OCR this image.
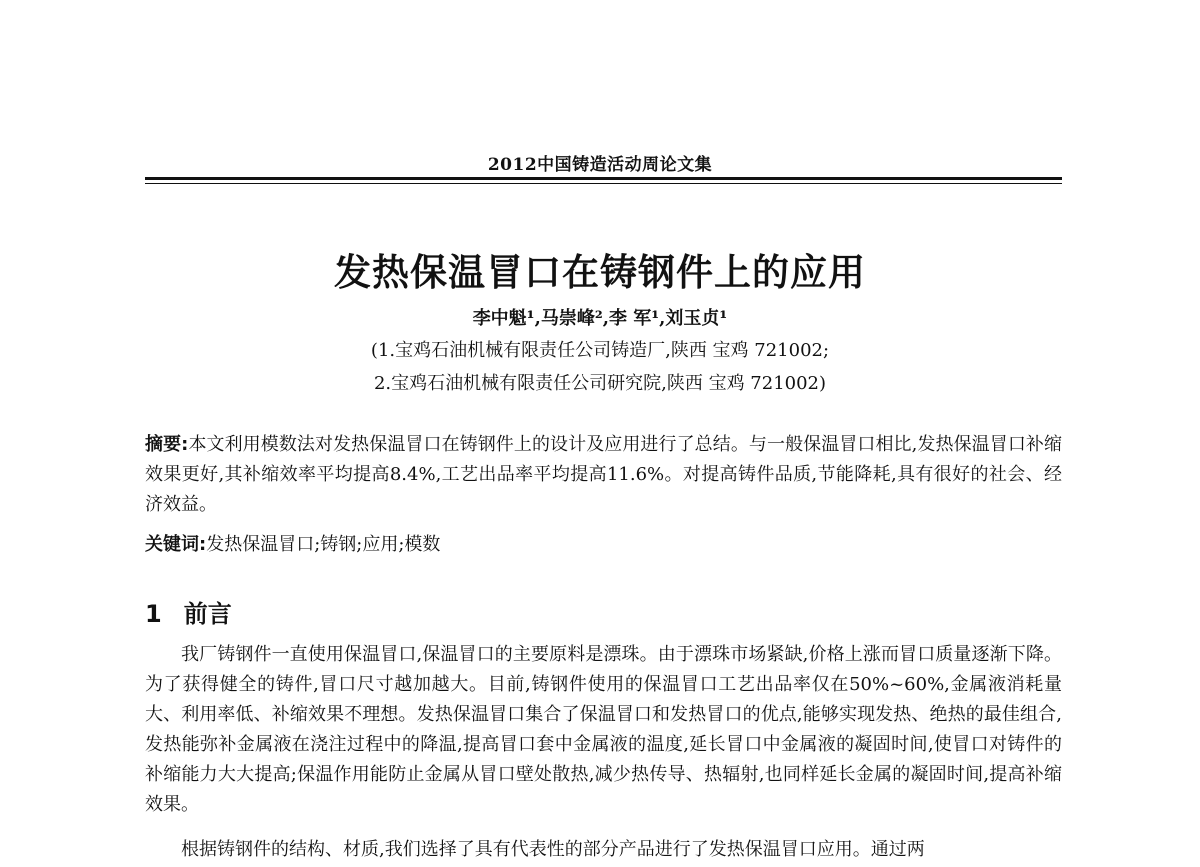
2012中国铸造活动周论文集
发热保温冒口在铸钢件上的应用
李中魁¹,马崇峰²,李 军¹,刘玉贞¹
(1.宝鸡石油机械有限责任公司铸造厂,陕西 宝鸡 721002;
2.宝鸡石油机械有限责任公司研究院,陕西 宝鸡 721002)

摘要:本文利用模数法对发热保温冒口在铸钢件上的设计及应用进行了总结。与一般保温冒口相比,发热保温冒口补缩效果更好,其补缩效率平均提高8.4%,工艺出品率平均提高11.6%。对提高铸件品质,节能降耗,具有很好的社会、经济效益。

关键词:发热保温冒口;铸钢;应用;模数

1 前言

我厂铸钢件一直使用保温冒口,保温冒口的主要原料是漂珠。由于漂珠市场紧缺,价格上涨而冒口质量逐渐下降。为了获得健全的铸件,冒口尺寸越加越大。目前,铸钢件使用的保温冒口工艺出品率仅在50%~60%,金属液消耗量大、利用率低、补缩效果不理想。发热保温冒口集合了保温冒口和发热冒口的优点,能够实现发热、绝热的最佳组合,发热能弥补金属液在浇注过程中的降温,提高冒口套中金属液的温度,延长冒口中金属液的凝固时间,使冒口对铸件的补缩能力大大提高;保温作用能防止金属从冒口壁处散热,减少热传导、热辐射,也同样延长金属的凝固时间,提高补缩效果。

根据铸钢件的结构、材质,我们选择了具有代表性的部分产品进行了发热保温冒口应用。通过两
